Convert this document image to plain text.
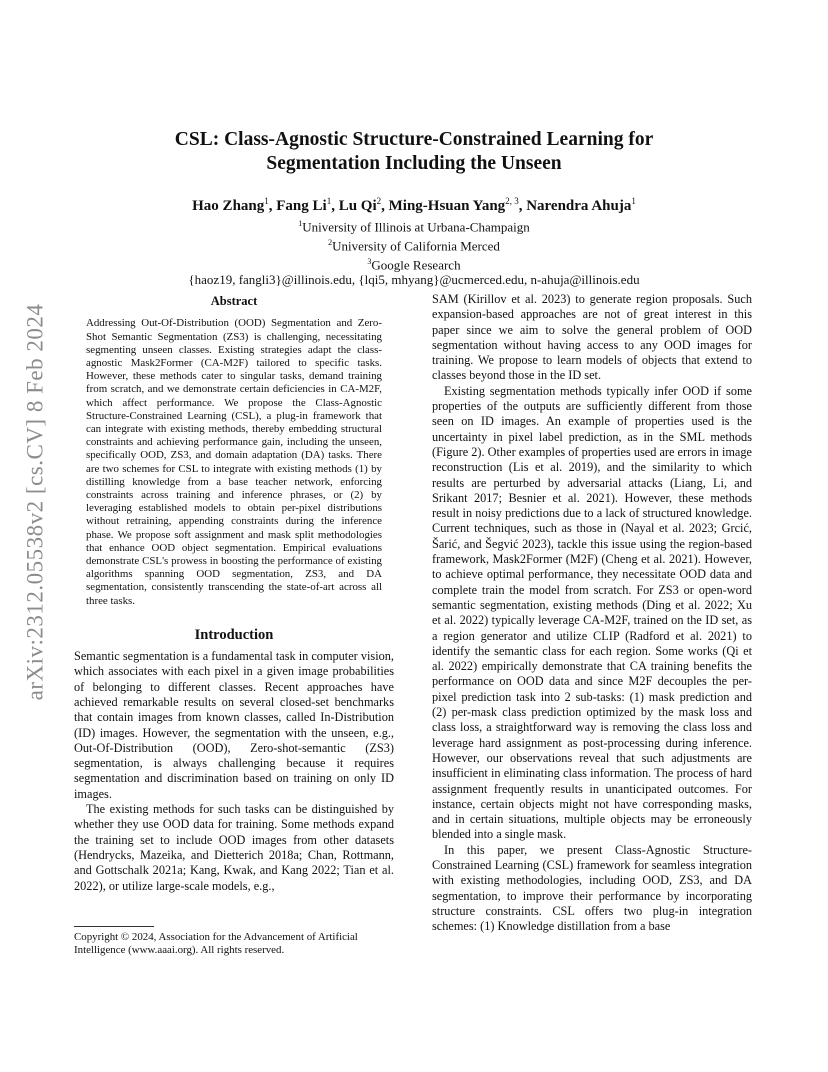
arXiv:2312.05538v2 [cs.CV] 8 Feb 2024
CSL: Class-Agnostic Structure-Constrained Learning for
Segmentation Including the Unseen
Hao Zhang$^1$, Fang Li$^1$, Lu Qi$^2$, Ming-Hsuan Yang$^{2, 3}$, Narendra Ahuja$^1$
$^1$University of Illinois at Urbana-Champaign
$^2$University of California Merced
$^3$Google Research
{haoz19, fangli3}@illinois.edu, {lqi5, mhyang}@ucmerced.edu, n-ahuja@illinois.edu
Abstract

Addressing Out-Of-Distribution (OOD) Segmentation and Zero-Shot Semantic Segmentation (ZS3) is challenging, necessitating segmenting unseen classes. Existing strategies adapt the class-agnostic Mask2Former (CA-M2F) tailored to specific tasks. However, these methods cater to singular tasks, demand training from scratch, and we demonstrate certain deficiencies in CA-M2F, which affect performance. We propose the Class-Agnostic Structure-Constrained Learning (CSL), a plug-in framework that can integrate with existing methods, thereby embedding structural constraints and achieving performance gain, including the unseen, specifically OOD, ZS3, and domain adaptation (DA) tasks. There are two schemes for CSL to integrate with existing methods (1) by distilling knowledge from a base teacher network, enforcing constraints across training and inference phrases, or (2) by leveraging established models to obtain per-pixel distributions without retraining, appending constraints during the inference phase. We propose soft assignment and mask split methodologies that enhance OOD object segmentation. Empirical evaluations demonstrate CSL's prowess in boosting the performance of existing algorithms spanning OOD segmentation, ZS3, and DA segmentation, consistently transcending the state-of-art across all three tasks.

Introduction

Semantic segmentation is a fundamental task in computer vision, which associates with each pixel in a given image probabilities of belonging to different classes. Recent approaches have achieved remarkable results on several closed-set benchmarks that contain images from known classes, called In-Distribution (ID) images. However, the segmentation with the unseen, e.g., Out-Of-Distribution (OOD), Zero-shot-semantic (ZS3) segmentation, is always challenging because it requires segmentation and discrimination based on training on only ID images.

The existing methods for such tasks can be distinguished by whether they use OOD data for training. Some methods expand the training set to include OOD images from other datasets (Hendrycks, Mazeika, and Dietterich 2018a; Chan, Rottmann, and Gottschalk 2021a; Kang, Kwak, and Kang 2022; Tian et al. 2022), or utilize large-scale models, e.g.,

Copyright © 2024, Association for the Advancement of Artificial Intelligence (www.aaai.org). All rights reserved.

SAM (Kirillov et al. 2023) to generate region proposals. Such expansion-based approaches are not of great interest in this paper since we aim to solve the general problem of OOD segmentation without having access to any OOD images for training. We propose to learn models of objects that extend to classes beyond those in the ID set.

Existing segmentation methods typically infer OOD if some properties of the outputs are sufficiently different from those seen on ID images. An example of properties used is the uncertainty in pixel label prediction, as in the SML methods (Figure 2). Other examples of properties used are errors in image reconstruction (Lis et al. 2019), and the similarity to which results are perturbed by adversarial attacks (Liang, Li, and Srikant 2017; Besnier et al. 2021). However, these methods result in noisy predictions due to a lack of structured knowledge. Current techniques, such as those in (Nayal et al. 2023; Grcić, Šarić, and Šegvić 2023), tackle this issue using the region-based framework, Mask2Former (M2F) (Cheng et al. 2021). However, to achieve optimal performance, they necessitate OOD data and complete train the model from scratch. For ZS3 or open-word semantic segmentation, existing methods (Ding et al. 2022; Xu et al. 2022) typically leverage CA-M2F, trained on the ID set, as a region generator and utilize CLIP (Radford et al. 2021) to identify the semantic class for each region. Some works (Qi et al. 2022) empirically demonstrate that CA training benefits the performance on OOD data and since M2F decouples the per-pixel prediction task into 2 sub-tasks: (1) mask prediction and (2) per-mask class prediction optimized by the mask loss and class loss, a straightforward way is removing the class loss and leverage hard assignment as post-processing during inference. However, our observations reveal that such adjustments are insufficient in eliminating class information. The process of hard assignment frequently results in unanticipated outcomes. For instance, certain objects might not have corresponding masks, and in certain situations, multiple objects may be erroneously blended into a single mask.

In this paper, we present Class-Agnostic Structure-Constrained Learning (CSL) framework for seamless integration with existing methodologies, including OOD, ZS3, and DA segmentation, to improve their performance by incorporating structure constraints. CSL offers two plug-in integration schemes: (1) Knowledge distillation from a base
